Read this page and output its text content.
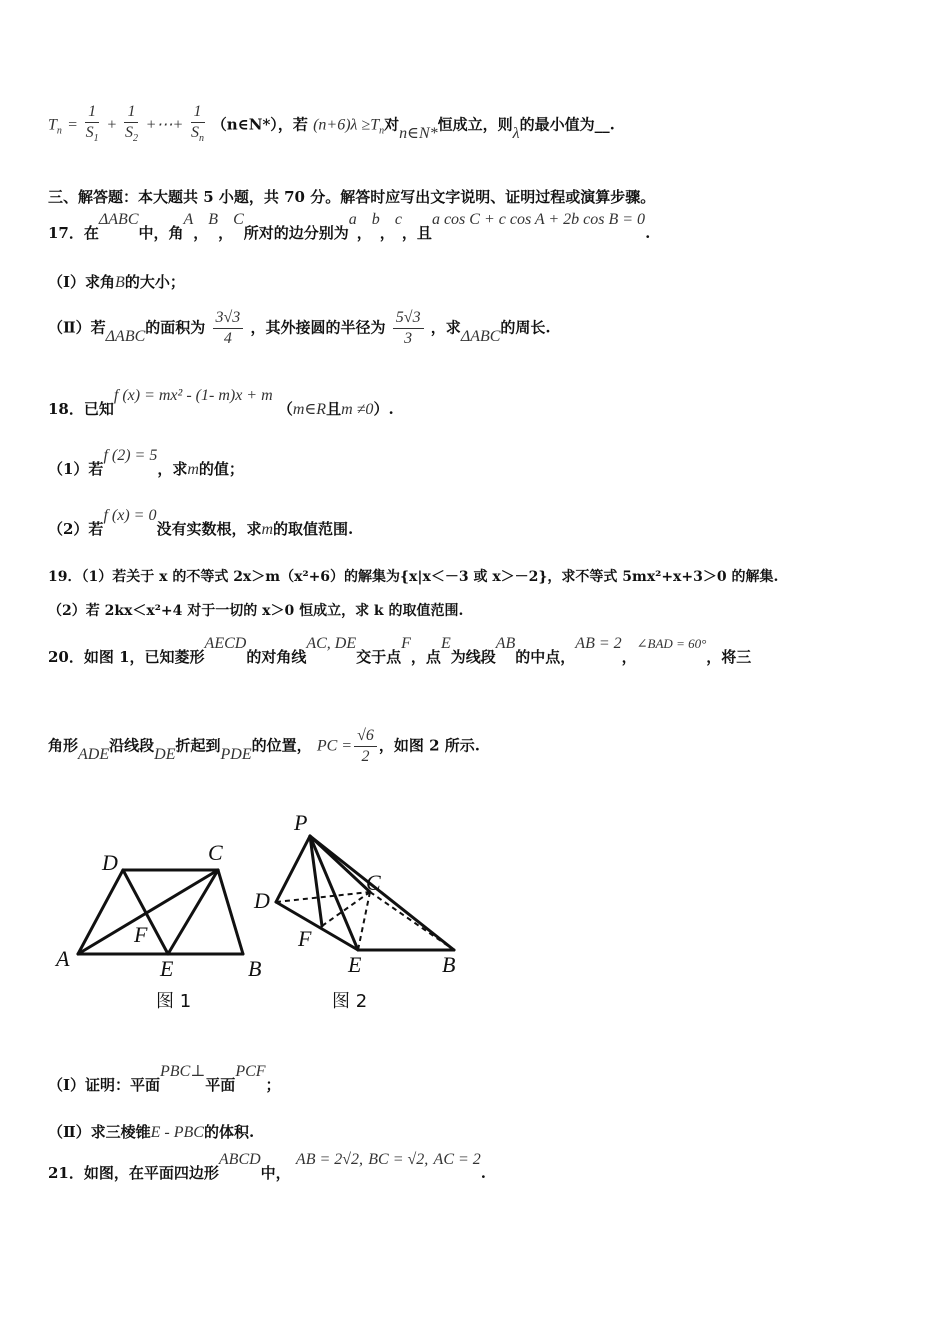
$T_n = \frac{1}{S_1} + \frac{1}{S_2}$ +⋯+ $\frac{1}{S_n}$ （n∈N*），若 $(n+6)\lambda \ge T_n$对n∈N*恒成立，则λ的最小值为__.
三、解答题：本大题共 5 小题，共 70 分。解答时应写出文字说明、证明过程或演算步骤。
17．在ΔABC中，角A，B，C所对的边分别为a，b，c，且a cos C + c cos A + 2b cos B = 0.
（Ⅰ）求角B的大小；
（Ⅱ）若ΔABC的面积为 $\frac{3√3}{4}$ ，其外接圆的半径为 $\frac{5√3}{3}$ ，求ΔABC的周长.
18．已知f (x) = mx² - (1- m)x + m （m∈R且m ≠0）.
（1）若f (2) = 5，求m的值；
（2）若f (x) = 0没有实数根，求m的取值范围.
19．（1）若关于 x 的不等式 2x＞m（x²+6）的解集为{x|x＜－3 或 x＞－2}，求不等式 5mx²+x+3＞0 的解集.
（2）若 2kx＜x²+4 对于一切的 x＞0 恒成立，求 k 的取值范围.
20．如图 1，已知菱形AECD的对角线AC, DE交于点F，点E为线段AB的中点，AB = 2，∠BAD = 60°，将三
角形ADE沿线段DE折起到PDE的位置， PC = $\frac{√6}{2}$ ，如图 2 所示.
A
D	C
F
E	B
P
D
C
F
E	B
图 1	图 2
（Ⅰ）证明：平面PBC⊥平面PCF；
（Ⅱ）求三棱锥E - PBC的体积.
21．如图，在平面四边形ABCD中， AB = 2√2, BC = √2, AC = 2.
